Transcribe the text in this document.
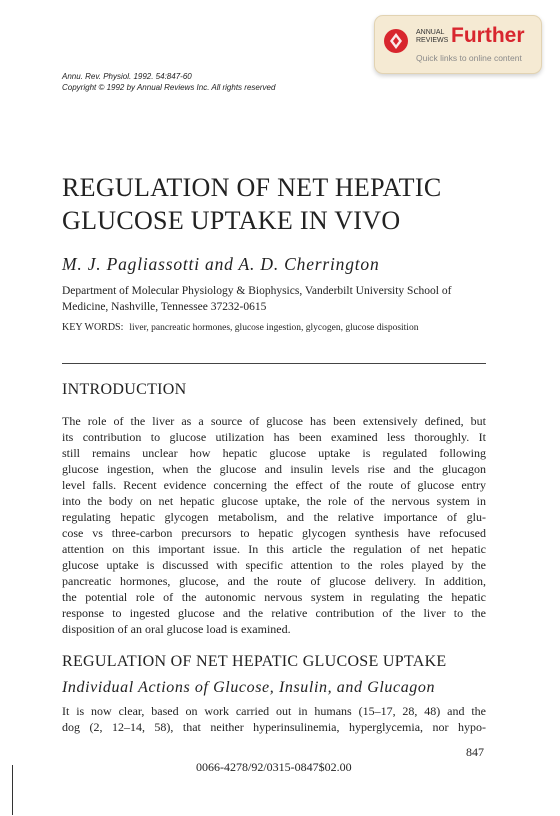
ANNUAL
REVIEWS Further
Quick links to online content
Annu. Rev. Physiol. 1992. 54:847-60
Copyright © 1992 by Annual Reviews Inc. All rights reserved
REGULATION OF NET HEPATIC
GLUCOSE UPTAKE IN VIVO
M. J. Pagliassotti and A. D. Cherrington
Department of Molecular Physiology & Biophysics, Vanderbilt University School of
Medicine, Nashville, Tennessee 37232-0615
KEY WORDS: liver, pancreatic hormones, glucose ingestion, glycogen, glucose disposition
INTRODUCTION
The role of the liver as a source of glucose has been extensively defined, but
its contribution to glucose utilization has been examined less thoroughly. It
still remains unclear how hepatic glucose uptake is regulated following
glucose ingestion, when the glucose and insulin levels rise and the glucagon
level falls. Recent evidence concerning the effect of the route of glucose entry
into the body on net hepatic glucose uptake, the role of the nervous system in
regulating hepatic glycogen metabolism, and the relative importance of glu-
cose vs three-carbon precursors to hepatic glycogen synthesis have refocused
attention on this important issue. In this article the regulation of net hepatic
glucose uptake is discussed with specific attention to the roles played by the
pancreatic hormones, glucose, and the route of glucose delivery. In addition,
the potential role of the autonomic nervous system in regulating the hepatic
response to ingested glucose and the relative contribution of the liver to the
disposition of an oral glucose load is examined.
REGULATION OF NET HEPATIC GLUCOSE UPTAKE
Individual Actions of Glucose, Insulin, and Glucagon
It is now clear, based on work carried out in humans (15–17, 28, 48) and the
dog (2, 12–14, 58), that neither hyperinsulinemia, hyperglycemia, nor hypo-
847
0066-4278/92/0315-0847$02.00
